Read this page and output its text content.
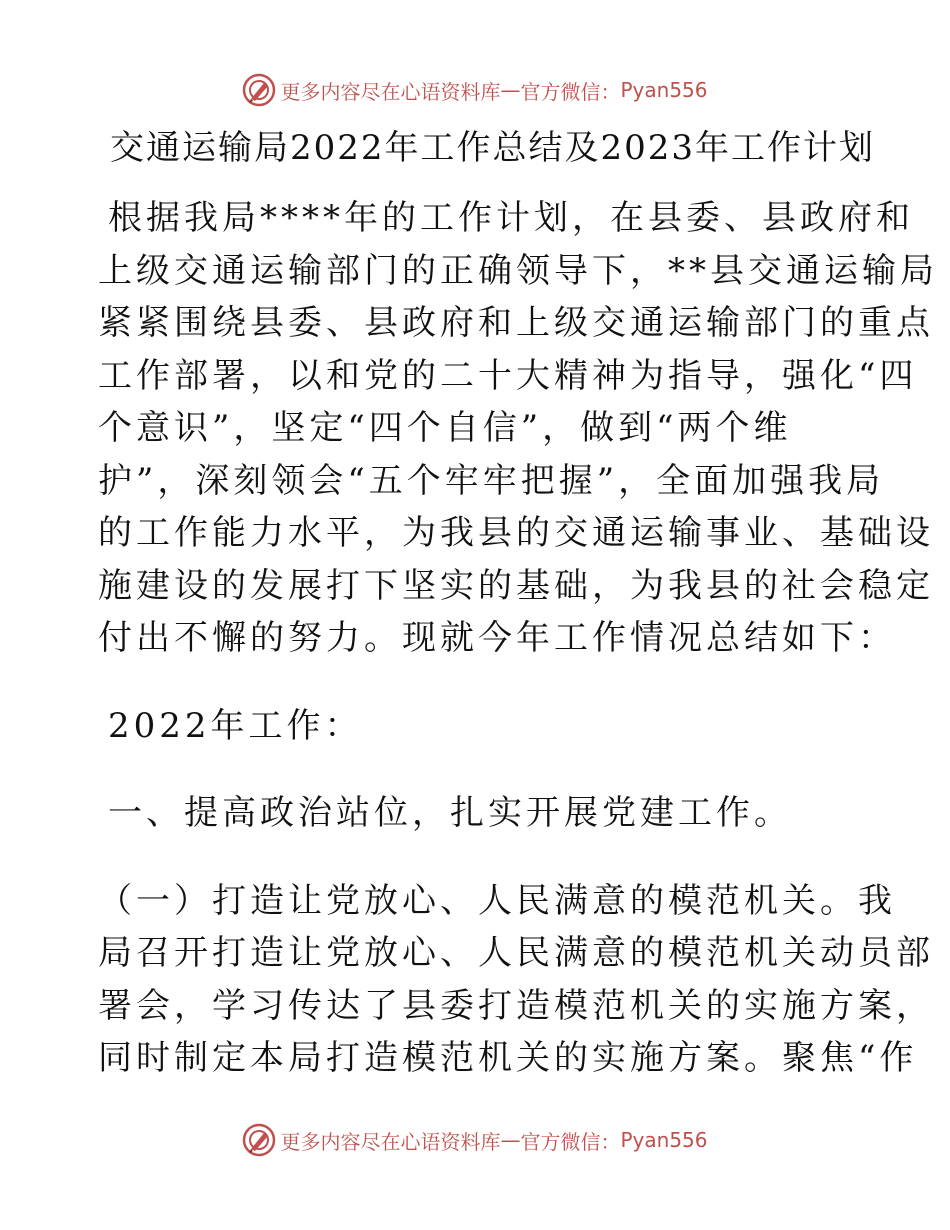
更多内容尽在心语资料库 — 官方微信： Pyan556
交通运输局2022年工作总结及2023年工作计划
根据我局****年的工作计划，在县委、县政府和
上级交通运输部门的正确领导下，**县交通运输局
紧紧围绕县委、县政府和上级交通运输部门的重点
工作部署，以和党的二十大精神为指导，强化“四
个意识”，坚定“四个自信”，做到“两个维
护”，深刻领会“五个牢牢把握”，全面加强我局
的工作能力水平，为我县的交通运输事业、基础设
施建设的发展打下坚实的基础，为我县的社会稳定
付出不懈的努力。现就今年工作情况总结如下：
2022年工作：
一、提高政治站位，扎实开展党建工作。
（一）打造让党放心、人民满意的模范机关。我
局召开打造让党放心、人民满意的模范机关动员部
署会，学习传达了县委打造模范机关的实施方案，
同时制定本局打造模范机关的实施方案。聚焦“作
更多内容尽在心语资料库 — 官方微信： Pyan556
